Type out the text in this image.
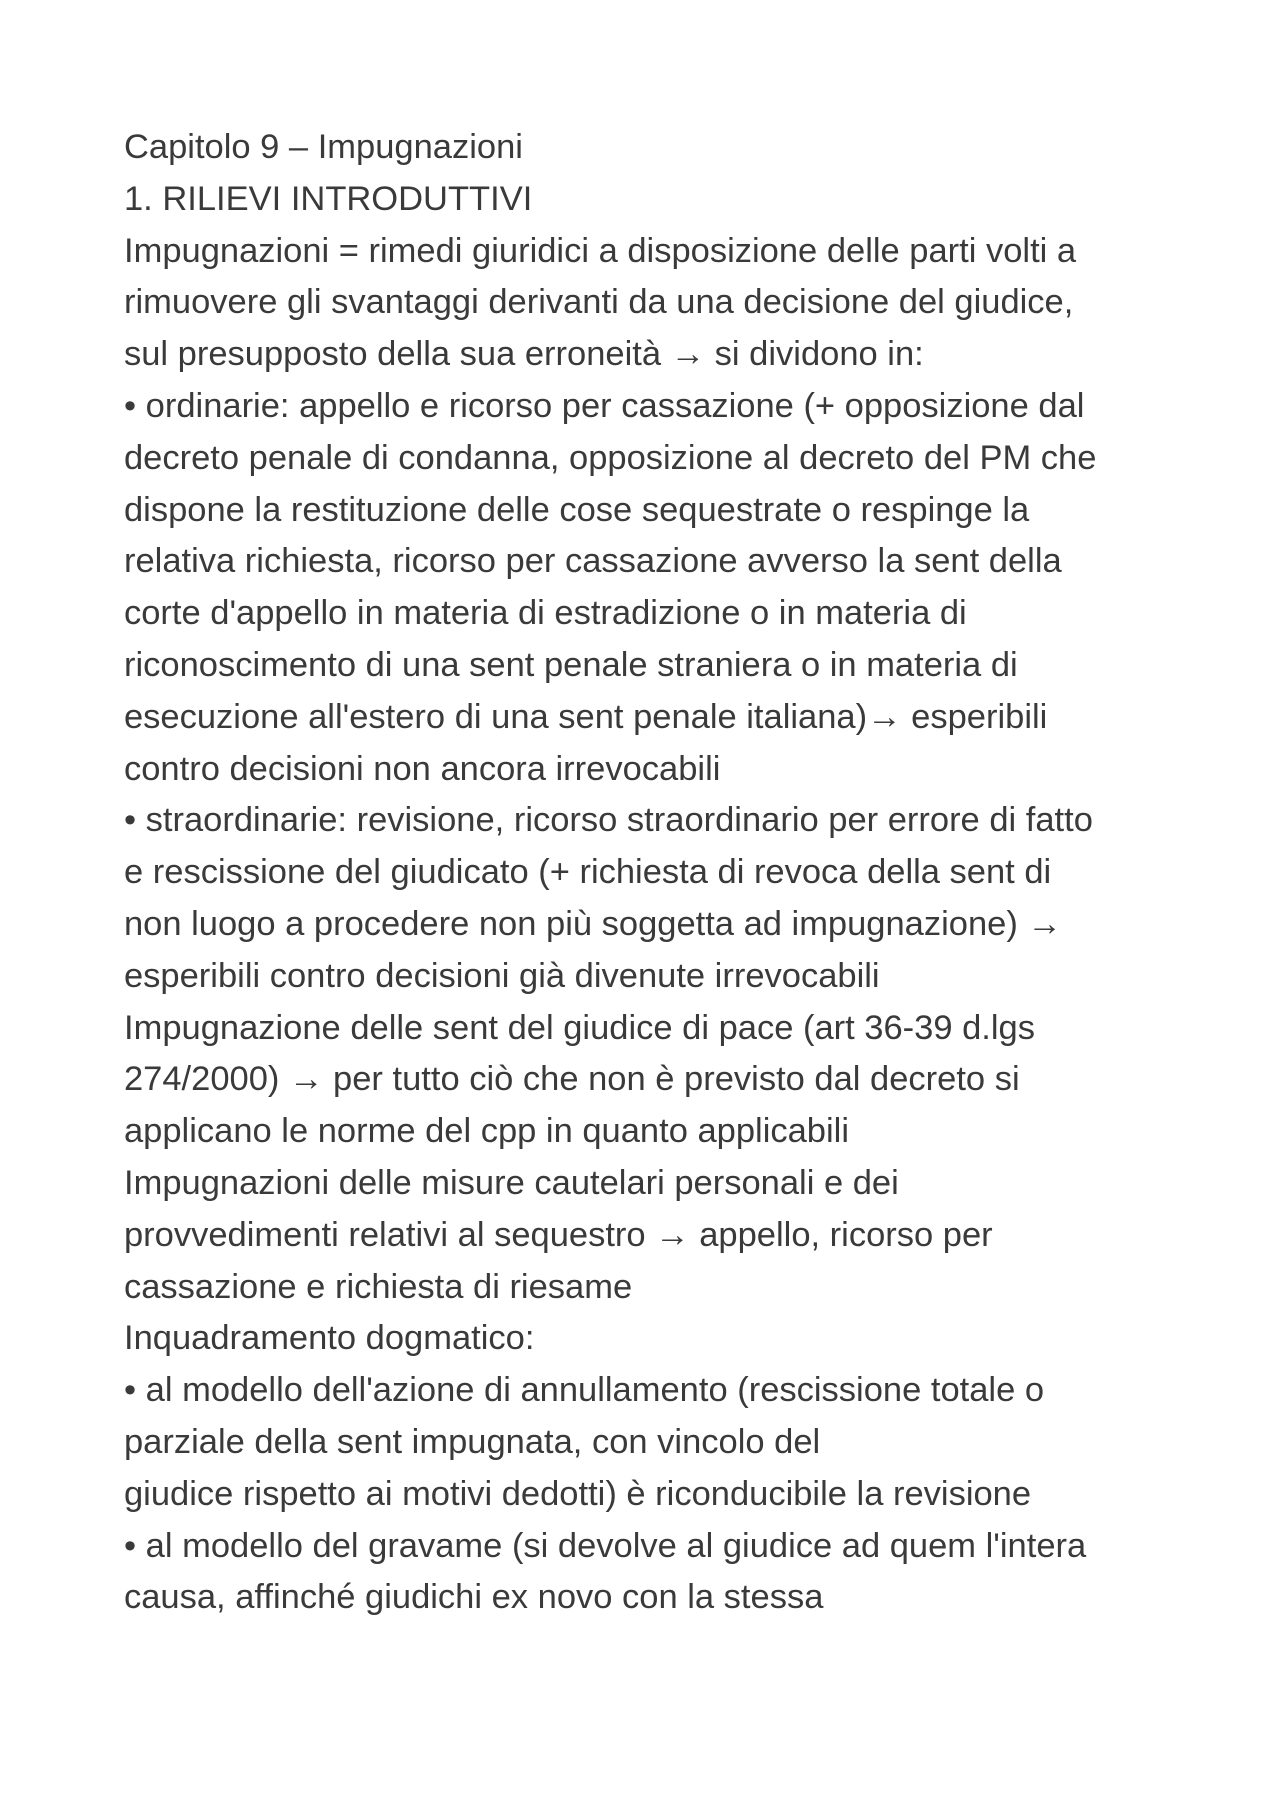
Capitolo 9 – Impugnazioni
1. RILIEVI INTRODUTTIVI
Impugnazioni = rimedi giuridici a disposizione delle parti volti a
rimuovere gli svantaggi derivanti da una decisione del giudice,
sul presupposto della sua erroneità → si dividono in:
• ordinarie: appello e ricorso per cassazione (+ opposizione dal
decreto penale di condanna, opposizione al decreto del PM che
dispone la restituzione delle cose sequestrate o respinge la
relativa richiesta, ricorso per cassazione avverso la sent della
corte d'appello in materia di estradizione o in materia di
riconoscimento di una sent penale straniera o in materia di
esecuzione all'estero di una sent penale italiana)→ esperibili
contro decisioni non ancora irrevocabili
• straordinarie: revisione, ricorso straordinario per errore di fatto
e rescissione del giudicato (+ richiesta di revoca della sent di
non luogo a procedere non più soggetta ad impugnazione) →
esperibili contro decisioni già divenute irrevocabili
Impugnazione delle sent del giudice di pace (art 36-39 d.lgs
274/2000) → per tutto ciò che non è previsto dal decreto si
applicano le norme del cpp in quanto applicabili
Impugnazioni delle misure cautelari personali e dei
provvedimenti relativi al sequestro → appello, ricorso per
cassazione e richiesta di riesame
Inquadramento dogmatico:
• al modello dell'azione di annullamento (rescissione totale o
parziale della sent impugnata, con vincolo del
giudice rispetto ai motivi dedotti) è riconducibile la revisione
• al modello del gravame (si devolve al giudice ad quem l'intera
causa, affinché giudichi ex novo con la stessa
